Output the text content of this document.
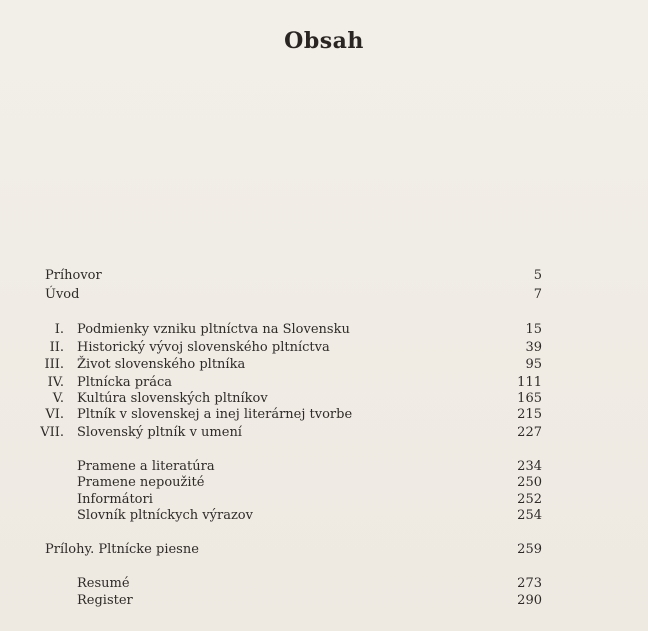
Obsah
Príhovor	5
Úvod	7
I. Podmienky vzniku pltníctva na Slovensku	15
II. Historický vývoj slovenského pltníctva	39
III. Život slovenského pltníka	95
IV. Pltnícka práca	111
V. Kultúra slovenských pltníkov	165
VI. Pltník v slovenskej a inej literárnej tvorbe	215
VII. Slovenský pltník v umení	227
Pramene a literatúra	234
Pramene nepoužité	250
Informátori	252
Slovník pltníckych výrazov	254
Prílohy. Pltnícke piesne	259
Resumé	273
Register	290
